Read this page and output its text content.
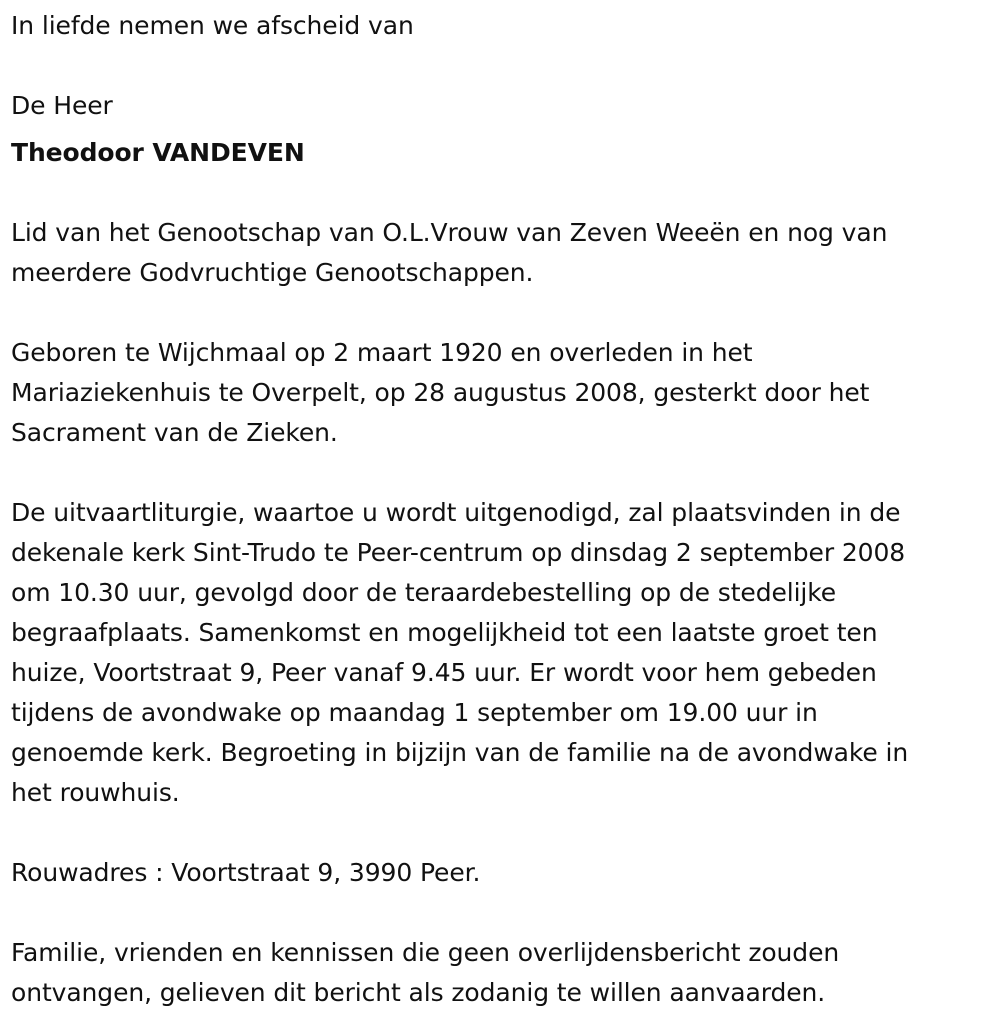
In liefde nemen we afscheid van

De Heer

Theodoor VANDEVEN

Lid van het Genootschap van O.L.Vrouw van Zeven Weeën en nog van

meerdere Godvruchtige Genootschappen.

Geboren te Wijchmaal op 2 maart 1920 en overleden in het

Mariaziekenhuis te Overpelt, op 28 augustus 2008, gesterkt door het

Sacrament van de Zieken.

De uitvaartliturgie, waartoe u wordt uitgenodigd, zal plaatsvinden in de

dekenale kerk Sint-Trudo te Peer-centrum op dinsdag 2 september 2008

om 10.30 uur, gevolgd door de teraardebestelling op de stedelijke

begraafplaats. Samenkomst en mogelijkheid tot een laatste groet ten

huize, Voortstraat 9, Peer vanaf 9.45 uur. Er wordt voor hem gebeden

tijdens de avondwake op maandag 1 september om 19.00 uur in

genoemde kerk. Begroeting in bijzijn van de familie na de avondwake in

het rouwhuis.

Rouwadres : Voortstraat 9, 3990 Peer.

Familie, vrienden en kennissen die geen overlijdensbericht zouden

ontvangen, gelieven dit bericht als zodanig te willen aanvaarden.
